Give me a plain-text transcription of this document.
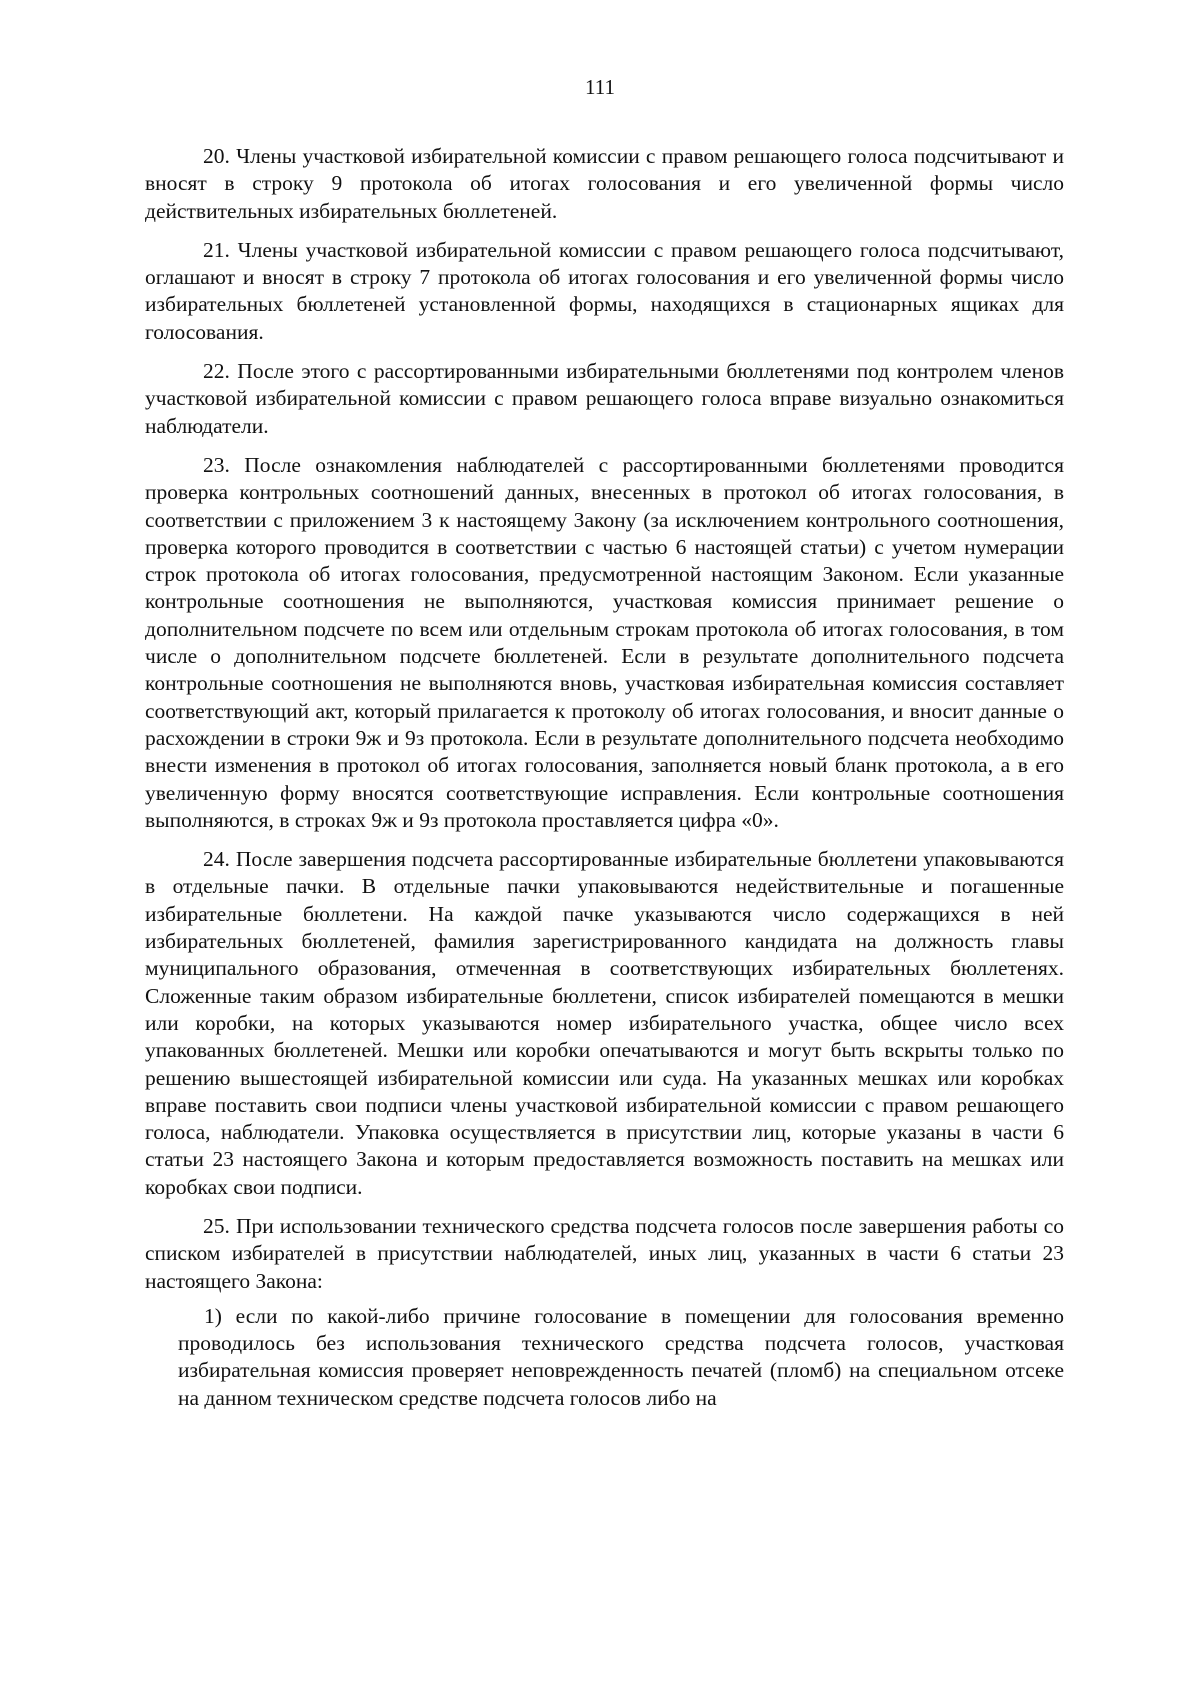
111

20. Члены участковой избирательной комиссии с правом решающего голоса подсчитывают и вносят в строку 9 протокола об итогах голосования и его увеличенной формы число действительных избирательных бюллетеней.

21. Члены участковой избирательной комиссии с правом решающего голоса подсчитывают, оглашают и вносят в строку 7 протокола об итогах голосования и его увеличенной формы число избирательных бюллетеней установленной формы, находящихся в стационарных ящиках для голосования.

22. После этого с рассортированными избирательными бюллетенями под контролем членов участковой избирательной комиссии с правом решающего голоса вправе визуально ознакомиться наблюдатели.

23. После ознакомления наблюдателей с рассортированными бюллетенями проводится проверка контрольных соотношений данных, внесенных в протокол об итогах голосования, в соответствии с приложением 3 к настоящему Закону (за исключением контрольного соотношения, проверка которого проводится в соответствии с частью 6 настоящей статьи) с учетом нумерации строк протокола об итогах голосования, предусмотренной настоящим Законом. Если указанные контрольные соотношения не выполняются, участковая комиссия принимает решение о дополнительном подсчете по всем или отдельным строкам протокола об итогах голосования, в том числе о дополнительном подсчете бюллетеней. Если в результате дополнительного подсчета контрольные соотношения не выполняются вновь, участковая избирательная комиссия составляет соответствующий акт, который прилагается к протоколу об итогах голосования, и вносит данные о расхождении в строки 9ж и 9з протокола. Если в результате дополнительного подсчета необходимо внести изменения в протокол об итогах голосования, заполняется новый бланк протокола, а в его увеличенную форму вносятся соответствующие исправления. Если контрольные соотношения выполняются, в строках 9ж и 9з протокола проставляется цифра «0».

24. После завершения подсчета рассортированные избирательные бюллетени упаковываются в отдельные пачки. В отдельные пачки упаковываются недействительные и погашенные избирательные бюллетени. На каждой пачке указываются число содержащихся в ней избирательных бюллетеней, фамилия зарегистрированного кандидата на должность главы муниципального образования, отмеченная в соответствующих избирательных бюллетенях. Сложенные таким образом избирательные бюллетени, список избирателей помещаются в мешки или коробки, на которых указываются номер избирательного участка, общее число всех упакованных бюллетеней. Мешки или коробки опечатываются и могут быть вскрыты только по решению вышестоящей избирательной комиссии или суда. На указанных мешках или коробках вправе поставить свои подписи члены участковой избирательной комиссии с правом решающего голоса, наблюдатели. Упаковка осуществляется в присутствии лиц, которые указаны в части 6 статьи 23 настоящего Закона и которым предоставляется возможность поставить на мешках или коробках свои подписи.

25. При использовании технического средства подсчета голосов после завершения работы со списком избирателей в присутствии наблюдателей, иных лиц, указанных в части 6 статьи 23 настоящего Закона:

1) если по какой-либо причине голосование в помещении для голосования временно проводилось без использования технического средства подсчета голосов, участковая избирательная комиссия проверяет неповрежденность печатей (пломб) на специальном отсеке на данном техническом средстве подсчета голосов либо на
